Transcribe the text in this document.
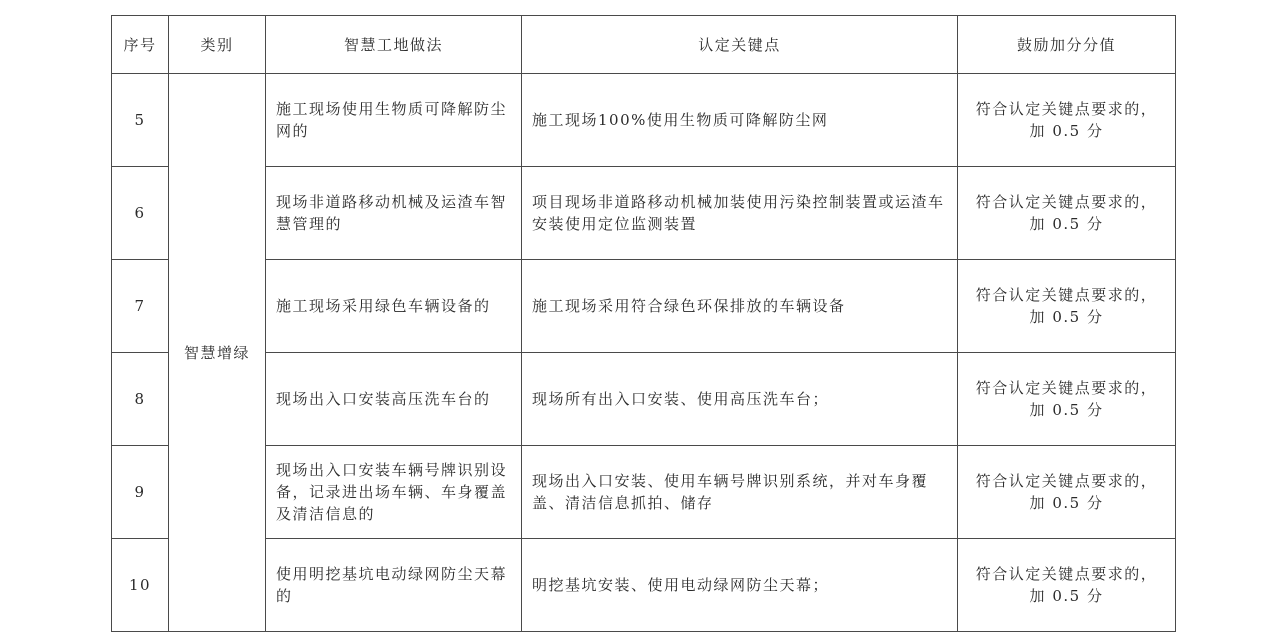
序号	类别	智慧工地做法	认定关键点	鼓励加分分值
5	智慧增绿	施工现场使用生物质可降解防尘网的	施工现场100%使用生物质可降解防尘网	符合认定关键点要求的，
加 0.5 分

6		现场非道路移动机械及运渣车智慧管理的	项目现场非道路移动机械加装使用污染控制装置或运渣车安装使用定位监测装置	符合认定关键点要求的，
加 0.5 分

7		施工现场采用绿色车辆设备的	施工现场采用符合绿色环保排放的车辆设备	符合认定关键点要求的，
加 0.5 分

8		现场出入口安装高压洗车台的	现场所有出入口安装、使用高压洗车台；	符合认定关键点要求的，
加 0.5 分

9		现场出入口安装车辆号牌识别设备，记录进出场车辆、车身覆盖及清洁信息的	现场出入口安装、使用车辆号牌识别系统，并对车身覆盖、清洁信息抓拍、储存	符合认定关键点要求的，
加 0.5 分

10		使用明挖基坑电动绿网防尘天幕的	明挖基坑安装、使用电动绿网防尘天幕；	符合认定关键点要求的，
加 0.5 分
